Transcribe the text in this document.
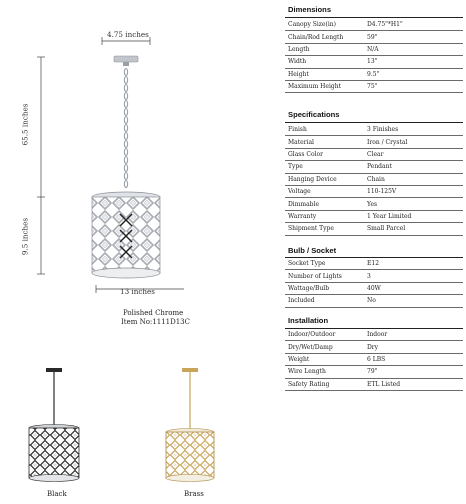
4.75 inches
65.5 inches
9.5 inches
13 inches
Polished Chrome
Item No:1111D13C
Black	Brass
Dimensions
Canopy Size(in)	D4.75"*H1"
Chain/Rod Length	59"
Length	N/A
Width	13"
Height	9.5"
Maximum Height	75"
Specifications
Finish	3 Finishes
Material	Iron / Crystal
Glass Color	Clear
Type	Pendant
Hanging Device	Chain
Voltage	110-125V
Dimmable	Yes
Warranty	1 Year Limited
Shipment Type	Small Parcel
Bulb / Socket
Socket Type	E12
Number of Lights	3
Wattage/Bulb	40W
Included	No
Installation
Indoor/Outdoor	Indoor
Dry/Wet/Damp	Dry
Weight	6 LBS
Wire Length	79"
Safety Rating	ETL Listed
